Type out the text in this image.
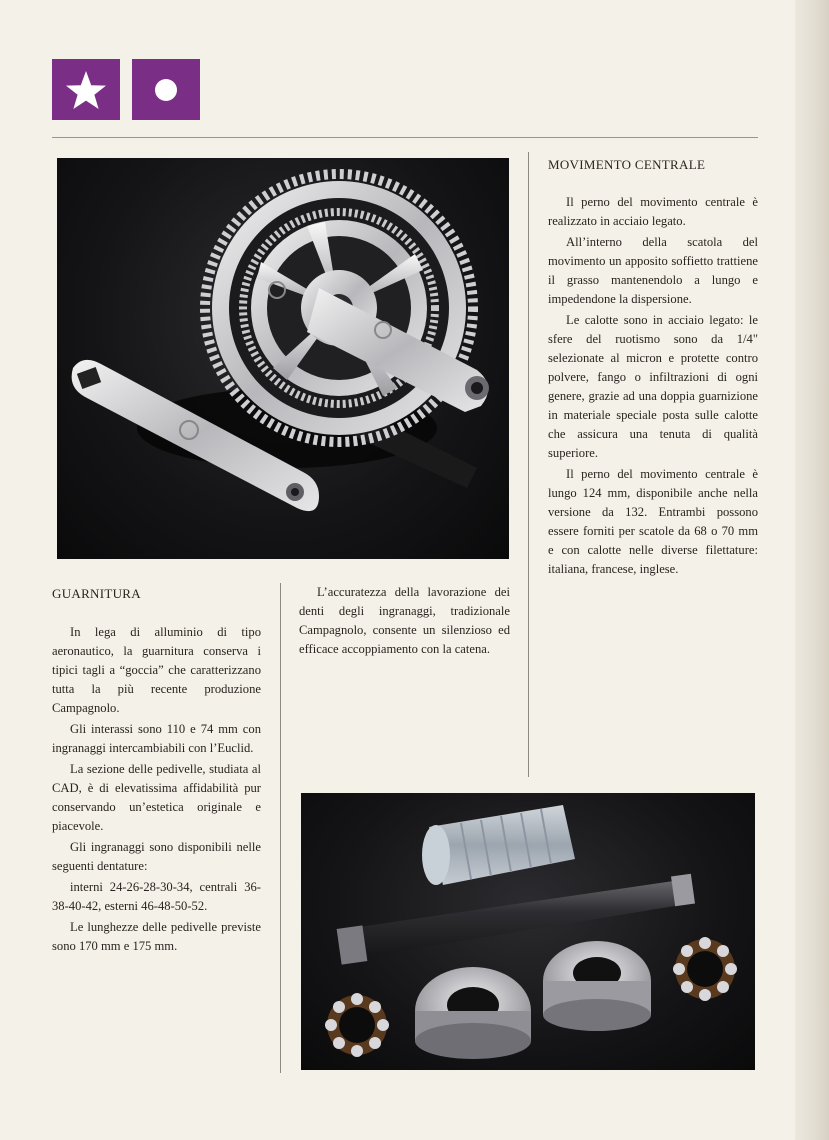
GUARNITURA

In lega di alluminio di tipo aeronautico, la guarnitura conserva i tipici tagli a “goccia” che caratterizzano tutta la più recente produzione Campagnolo.

Gli interassi sono 110 e 74 mm con ingranaggi intercambiabili con l’Euclid.

La sezione delle pedivelle, studiata al CAD, è di elevatissima affidabilità pur conservando un’estetica originale e piacevole.

Gli ingranaggi sono disponibili nelle seguenti dentature:

interni 24-26-28-30-34, centrali 36-38-40-42, esterni 46-48-50-52.

Le lunghezze delle pedivelle previste sono 170 mm e 175 mm.

L’accuratezza della lavorazione dei denti degli ingranaggi, tradizionale Campagnolo, consente un silenzioso ed efficace accoppiamento con la catena.

MOVIMENTO CENTRALE

Il perno del movimento centrale è realizzato in acciaio legato.

All’interno della scatola del movimento un apposito soffietto trattiene il grasso mantenendolo a lungo e impedendone la dispersione.

Le calotte sono in acciaio legato: le sfere del ruotismo sono da 1/4" selezionate al micron e protette contro polvere, fango o infiltrazioni di ogni genere, grazie ad una doppia guarnizione in materiale speciale posta sulle calotte che assicura una tenuta di qualità superiore.

Il perno del movimento centrale è lungo 124 mm, disponibile anche nella versione da 132. Entrambi possono essere forniti per scatole da 68 o 70 mm e con calotte nelle diverse filettature: italiana, francese, inglese.
